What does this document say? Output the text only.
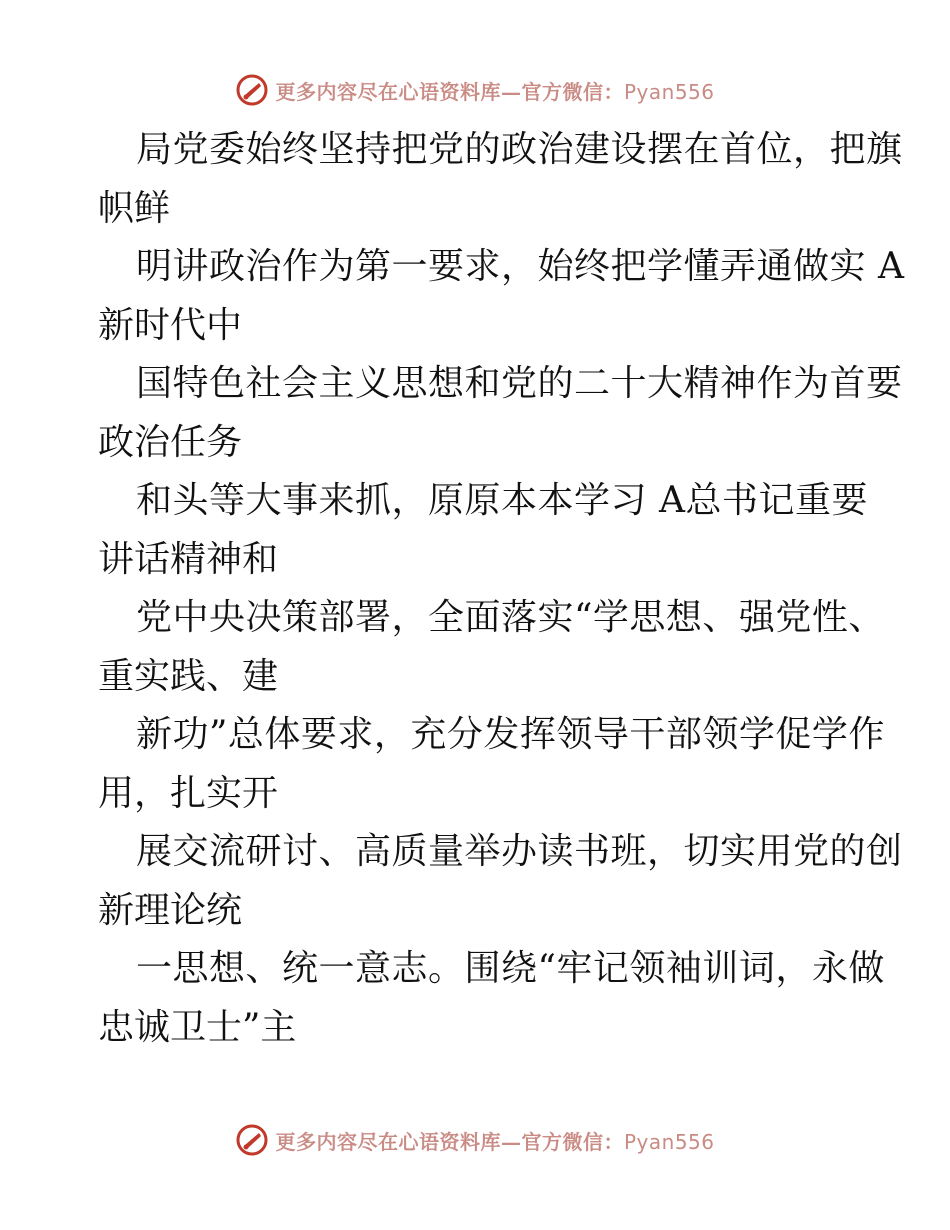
更多内容尽在心语资料库—官方微信：Pyan556

局党委始终坚持把党的政治建设摆在首位，把旗
帜鲜

明讲政治作为第一要求，始终把学懂弄通做实 A
新时代中

国特色社会主义思想和党的二十大精神作为首要
政治任务

和头等大事来抓，原原本本学习 A总书记重要
讲话精神和

党中央决策部署，全面落实“学思想、强党性、
重实践、建

新功”总体要求，充分发挥领导干部领学促学作
用，扎实开

展交流研讨、高质量举办读书班，切实用党的创
新理论统

一思想、统一意志。围绕“牢记领袖训词，永做
忠诚卫士”主

更多内容尽在心语资料库—官方微信：Pyan556
